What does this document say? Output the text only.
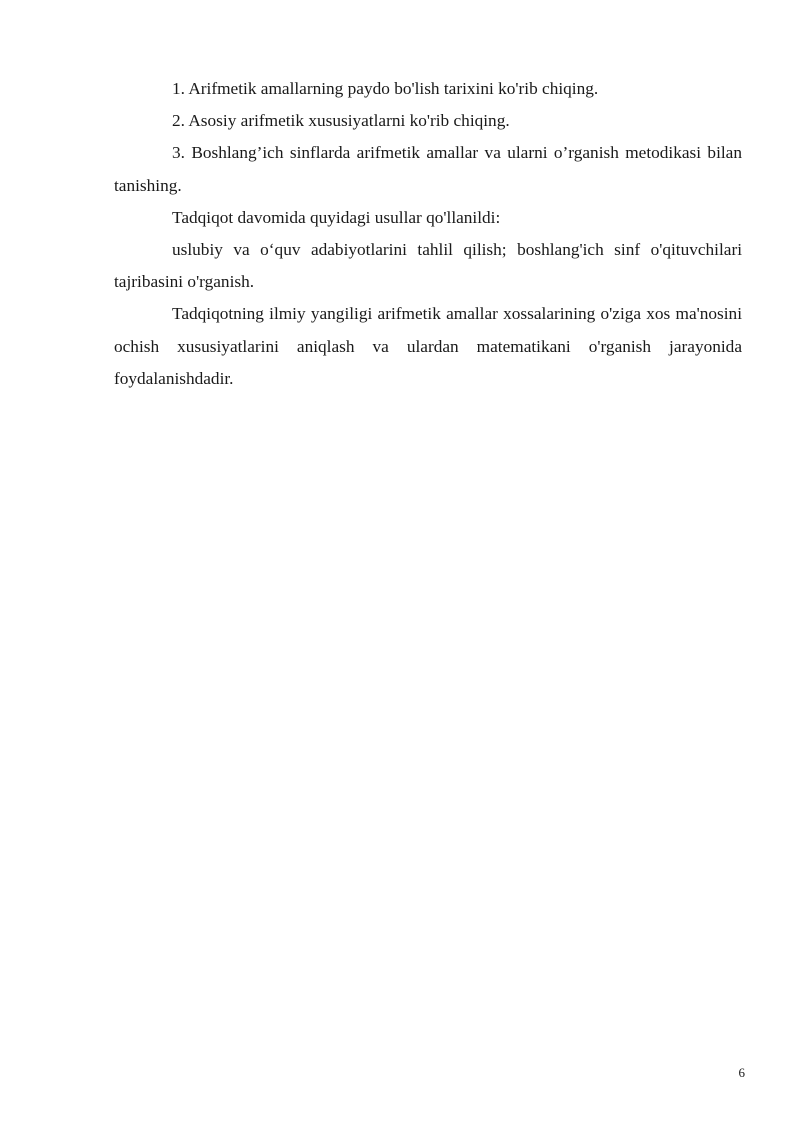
1. Arifmetik amallarning paydo bo'lish tarixini ko'rib chiqing.

2. Asosiy arifmetik xususiyatlarni ko'rib chiqing.

3. Boshlang’ich sinflarda arifmetik amallar va ularni o’rganish metodikasi bilan tanishing.

Tadqiqot davomida quyidagi usullar qo'llanildi:

uslubiy va o‘quv adabiyotlarini tahlil qilish; boshlang'ich sinf o'qituvchilari tajribasini o'rganish.

Tadqiqotning ilmiy yangiligi arifmetik amallar xossalarining o'ziga xos ma'nosini ochish xususiyatlarini aniqlash va ulardan matematikani o'rganish jarayonida foydalanishdadir.

6
